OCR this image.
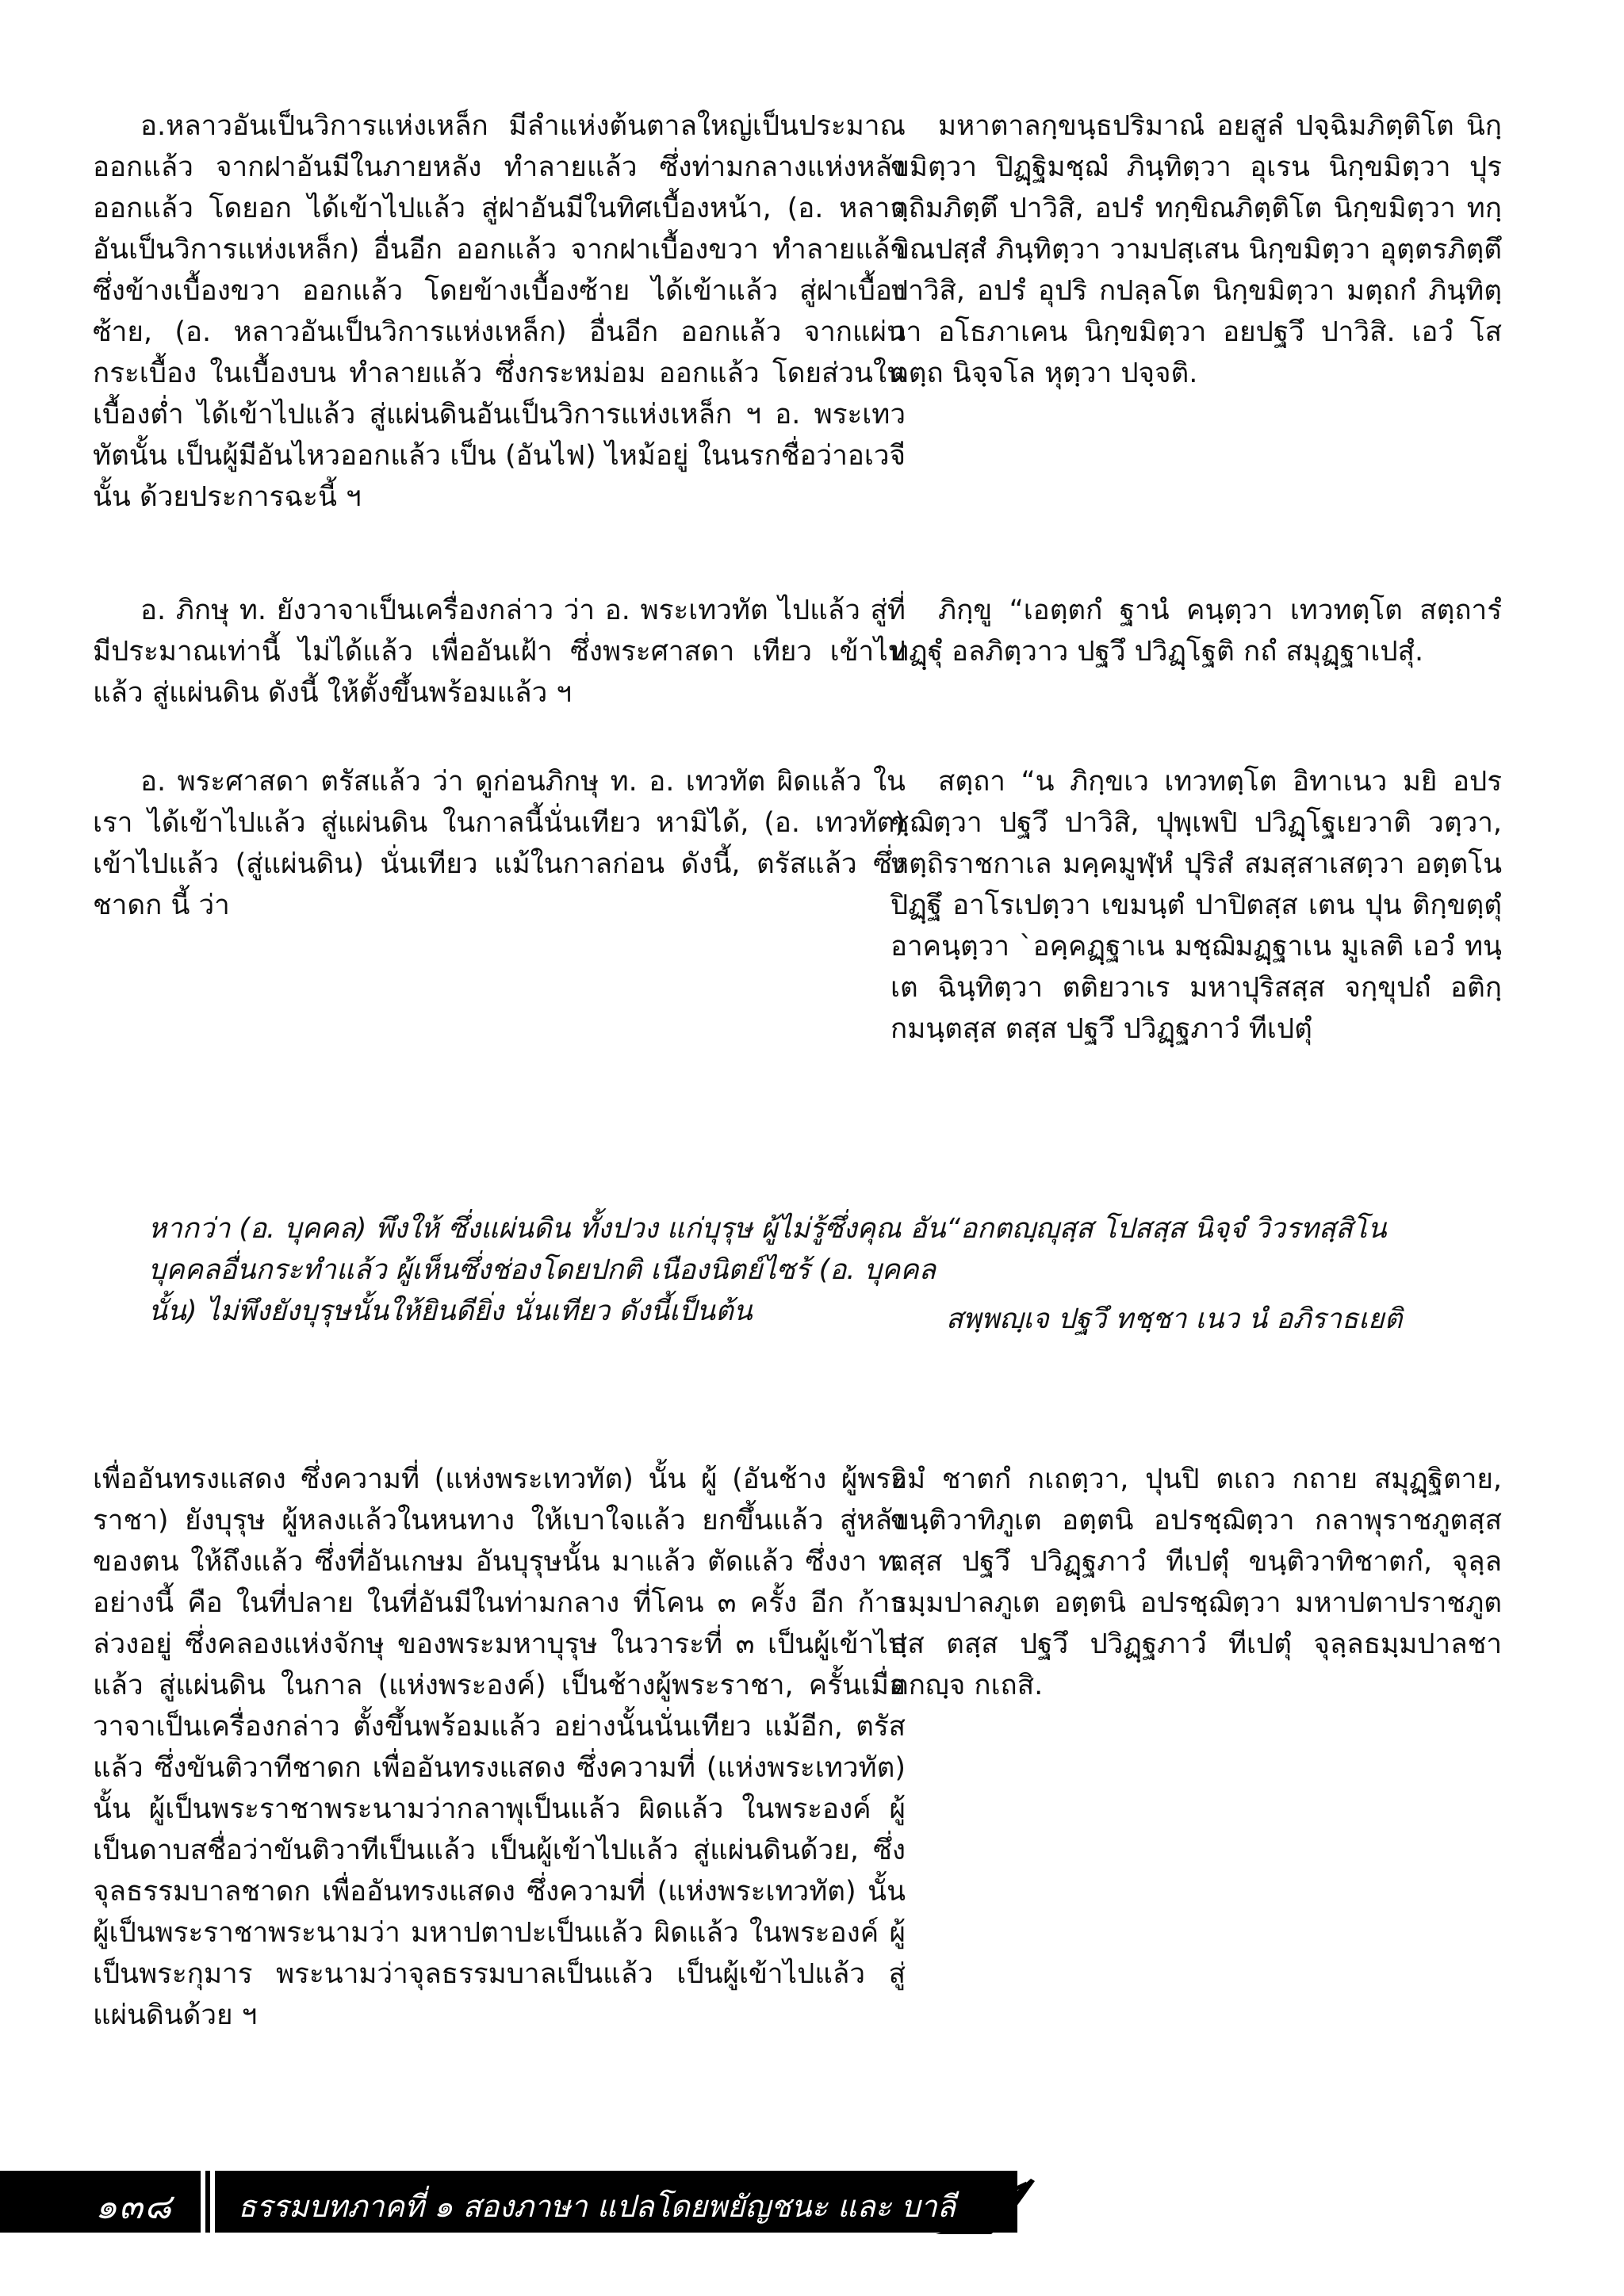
อ.หลาวอันเป็นวิการแห่งเหล็ก มีลำแห่งต้นตาลใหญ่เป็นประมาณ ออกแล้ว จากฝาอันมีในภายหลัง ทำลายแล้ว ซึ่งท่ามกลางแห่งหลัง ออกแล้ว โดยอก ได้เข้าไปแล้ว สู่ฝาอันมีในทิศเบื้องหน้า, (อ. หลาวอันเป็นวิการแห่งเหล็ก) อื่นอีก ออกแล้ว จากฝาเบื้องขวา ทำลายแล้ว ซึ่งข้างเบื้องขวา ออกแล้ว โดยข้างเบื้องซ้าย ได้เข้าแล้ว สู่ฝาเบื้องซ้าย, (อ. หลาวอันเป็นวิการแห่งเหล็ก) อื่นอีก ออกแล้ว จากแผ่นกระเบื้อง ในเบื้องบน ทำลายแล้ว ซึ่งกระหม่อม ออกแล้ว โดยส่วนในเบื้องต่ำ ได้เข้าไปแล้ว สู่แผ่นดินอันเป็นวิการแห่งเหล็ก ฯ อ. พระเทวทัตนั้น เป็นผู้มีอันไหวออกแล้ว เป็น (อันไฟ) ไหม้อยู่ ในนรกชื่อว่าอเวจีนั้น ด้วยประการฉะนี้ ฯ

มหาตาลกฺขนฺธปริมาณํ อยสูลํ ปจฺฉิมภิตฺติโต นิกฺขมิตฺวา ปิฏฺฐิมชฺฌํ ภินฺทิตฺวา อุเรน นิกฺขมิตฺวา ปุรตฺถิมภิตฺตึ ปาวิสิ, อปรํ ทกฺขิณภิตฺติโต นิกฺขมิตฺวา ทกฺขิณปสฺสํ ภินฺทิตฺวา วามปสฺเสน นิกฺขมิตฺวา อุตฺตรภิตฺตึ ปาวิสิ, อปรํ อุปริ กปลฺลโต นิกฺขมิตฺวา มตฺถกํ ภินฺทิตฺวา อโธภาเคน นิกฺขมิตฺวา อยปฐวึ ปาวิสิ. เอวํ โส ตตฺถ นิจฺจโล หุตฺวา ปจฺจติ.

อ. ภิกษุ ท. ยังวาจาเป็นเครื่องกล่าว ว่า อ. พระเทวทัต ไปแล้ว สู่ที่ มีประมาณเท่านี้ ไม่ได้แล้ว เพื่ออันเฝ้า ซึ่งพระศาสดา เทียว เข้าไปแล้ว สู่แผ่นดิน ดังนี้ ให้ตั้งขึ้นพร้อมแล้ว ฯ

ภิกฺขู “เอตฺตกํ ฐานํ คนฺตฺวา เทวทตฺโต สตฺถารํ ทฏฺฐุํ อลภิตฺวาว ปฐวึ ปวิฏฺโฐติ กถํ สมุฏฺฐาเปสุํ.

อ. พระศาสดา ตรัสแล้ว ว่า ดูก่อนภิกษุ ท. อ. เทวทัต ผิดแล้ว ในเรา ได้เข้าไปแล้ว สู่แผ่นดิน ในกาลนี้นั่นเทียว หามิได้, (อ. เทวทัต) เข้าไปแล้ว (สู่แผ่นดิน) นั่นเทียว แม้ในกาลก่อน ดังนี้, ตรัสแล้ว ซึ่งชาดก นี้ ว่า

สตฺถา “น ภิกฺขเว เทวทตฺโต อิทาเนว มยิ อปรชฺฌิตฺวา ปฐวึ ปาวิสิ, ปุพฺเพปิ ปวิฏฺโฐเยวาติ วตฺวา, หตฺถิราชกาเล มคฺคมูฬฺหํ ปุริสํ สมสฺสาเสตฺวา อตฺตโน ปิฏฺฐึ อาโรเปตฺวา เขมนฺตํ ปาปิตสฺส เตน ปุน ติกฺขตฺตุํ อาคนฺตฺวา `อคฺคฏฺฐาเน มชฺฌิมฏฺฐาเน มูเลติ เอวํ ทนฺเต ฉินฺทิตฺวา ตติยวาเร มหาปุริสสฺส จกฺขุปถํ อติกฺกมนฺตสฺส ตสฺส ปฐวึ ปวิฏฺฐภาวํ ทีเปตุํ

หากว่า (อ. บุคคล) พึงให้ ซึ่งแผ่นดิน ทั้งปวง แก่บุรุษ ผู้ไม่รู้ซึ่งคุณ อันบุคคลอื่นกระทำแล้ว ผู้เห็นซึ่งช่องโดยปกติ เนืองนิตย์ไซร้ (อ. บุคคล นั้น) ไม่พึงยังบุรุษนั้นให้ยินดียิ่ง นั่นเทียว ดังนี้เป็นต้น

“อกตญฺญุสฺส โปสสฺส นิจฺจํ วิวรทสฺสิโน
สพฺพญฺเจ ปฐวึ ทชฺชา เนว นํ อภิราธเยติ

เพื่ออันทรงแสดง ซึ่งความที่ (แห่งพระเทวทัต) นั้น ผู้ (อันช้าง ผู้พระราชา) ยังบุรุษ ผู้หลงแล้วในหนทาง ให้เบาใจแล้ว ยกขึ้นแล้ว สู่หลัง ของตน ให้ถึงแล้ว ซึ่งที่อันเกษม อันบุรุษนั้น มาแล้ว ตัดแล้ว ซึ่งงา ท. อย่างนี้ คือ ในที่ปลาย ในที่อันมีในท่ามกลาง ที่โคน ๓ ครั้ง อีก ก้าวล่วงอยู่ ซึ่งคลองแห่งจักษุ ของพระมหาบุรุษ ในวาระที่ ๓ เป็นผู้เข้าไปแล้ว สู่แผ่นดิน ในกาล (แห่งพระองค์) เป็นช้างผู้พระราชา, ครั้นเมื่อวาจาเป็นเครื่องกล่าว ตั้งขึ้นพร้อมแล้ว อย่างนั้นนั่นเทียว แม้อีก, ตรัสแล้ว ซึ่งขันติวาทีชาดก เพื่ออันทรงแสดง ซึ่งความที่ (แห่งพระเทวทัต) นั้น ผู้เป็นพระราชาพระนามว่ากลาพุเป็นแล้ว ผิดแล้ว ในพระองค์ ผู้เป็นดาบสชื่อว่าขันติวาทีเป็นแล้ว เป็นผู้เข้าไปแล้ว สู่แผ่นดินด้วย, ซึ่งจุลธรรมบาลชาดก เพื่ออันทรงแสดง ซึ่งความที่ (แห่งพระเทวทัต) นั้น ผู้เป็นพระราชาพระนามว่า มหาปตาปะเป็นแล้ว ผิดแล้ว ในพระองค์ ผู้เป็นพระกุมาร พระนามว่าจุลธรรมบาลเป็นแล้ว เป็นผู้เข้าไปแล้ว สู่แผ่นดินด้วย ฯ

อิมํ ชาตกํ กเถตฺวา, ปุนปิ ตเถว กถาย สมุฏฺฐิตาย, ขนฺติวาทิภูเต อตฺตนิ อปรชฺฌิตฺวา กลาพุราชภูตสฺส ตสฺส ปฐวึ ปวิฏฺฐภาวํ ทีเปตุํ ขนฺติวาทิชาตกํ, จุลฺลธมฺมปาลภูเต อตฺตนิ อปรชฺฌิตฺวา มหาปตาปราชภูตสฺส ตสฺส ปฐวึ ปวิฏฺฐภาวํ ทีเปตุํ จุลฺลธมฺมปาลชาตกญฺจ กเถสิ.

๑๓๘ ธรรมบทภาคที่ ๑ สองภาษา แปลโดยพยัญชนะ และ บาลี
